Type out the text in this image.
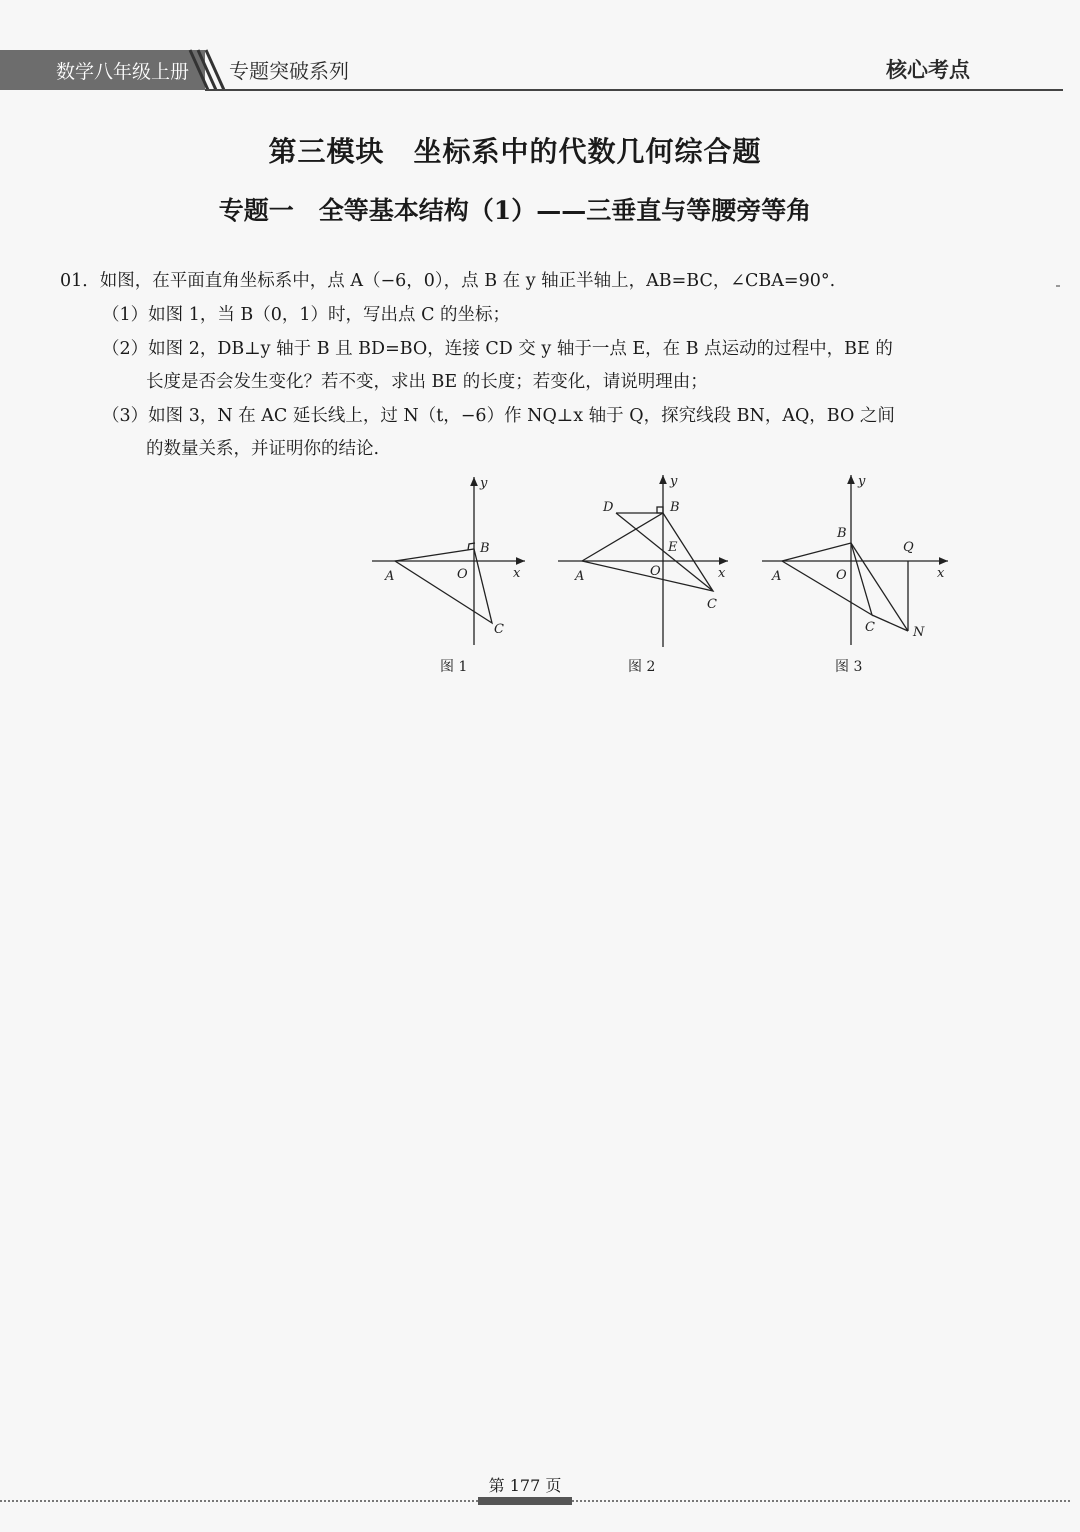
数学八年级上册	专题突破系列	核心考点
第三模块　坐标系中的代数几何综合题
专题一　全等基本结构（1）——三垂直与等腰旁等角
01．如图，在平面直角坐标系中，点 A（−6，0），点 B 在 y 轴正半轴上，AB=BC，∠CBA=90°.
（1）如图 1，当 B（0，1）时，写出点 C 的坐标；
（2）如图 2，DB⊥y 轴于 B 且 BD=BO，连接 CD 交 y 轴于一点 E，在 B 点运动的过程中，BE 的
长度是否会发生变化？若不变，求出 BE 的长度；若变化，请说明理由；
（3）如图 3，N 在 AC 延长线上，过 N（t，−6）作 NQ⊥x 轴于 Q，探究线段 BN，AQ，BO 之间
的数量关系，并证明你的结论.
y
x
B
A	O
C
图 1
y
x
D	B
E
A	O
C
图 2
y
x
B
Q
A	O
C	N
图 3
第 177 页
